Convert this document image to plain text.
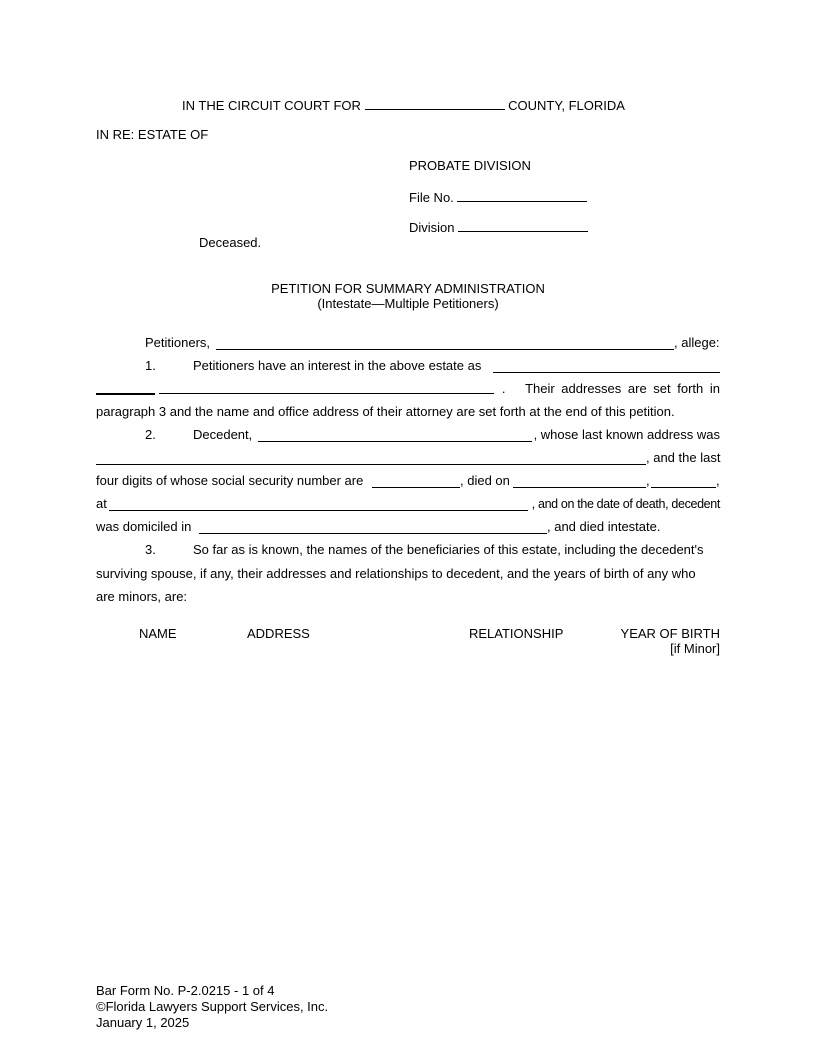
IN THE CIRCUIT COURT FOR	COUNTY, FLORIDA
IN RE: ESTATE OF
PROBATE DIVISION
File No.
Division
Deceased.
PETITION FOR SUMMARY ADMINISTRATION
(Intestate—Multiple Petitioners)
Petitioners,	, allege:
1.	Petitioners have an interest in the above estate as
.   Their addresses are set forth in
paragraph 3 and the name and office address of their attorney are set forth at the end of this petition.
2.	Decedent,	, whose last known address was
, and the last
four digits of whose social security number are	, died on	,	,
at	, and on the date of death, decedent
was domiciled in	, and died intestate.
3.	So far as is known, the names of the beneficiaries of this estate, including the decedent's
surviving spouse, if any, their addresses and relationships to decedent, and the years of birth of any who
are minors, are:
NAME	ADDRESS	RELATIONSHIP	YEAR OF BIRTH
[if Minor]
Bar Form No. P-2.0215 - 1 of 4
©Florida Lawyers Support Services, Inc.
January 1, 2025
